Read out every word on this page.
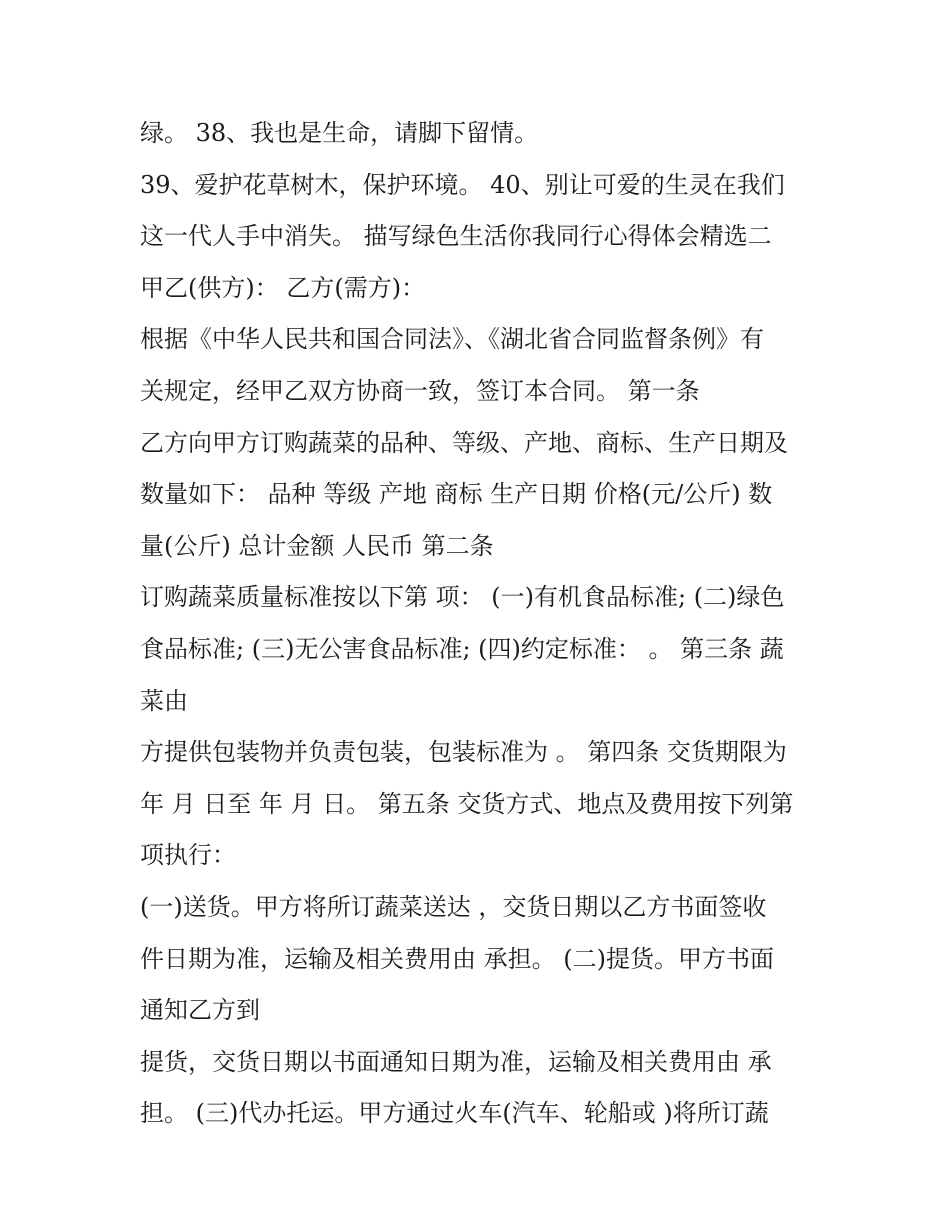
绿。 38、我也是生命，请脚下留情。
39、爱护花草树木，保护环境。 40、别让可爱的生灵在我们
这一代人手中消失。 描写绿色生活你我同行心得体会精选二
甲乙(供方)： 乙方(需方)：
根据《中华人民共和国合同法》、《湖北省合同监督条例》有
关规定，经甲乙双方协商一致，签订本合同。 第一条
乙方向甲方订购蔬菜的品种、等级、产地、商标、生产日期及
数量如下： 品种 等级 产地 商标 生产日期 价格(元/公斤) 数
量(公斤) 总计金额 人民币 第二条
订购蔬菜质量标准按以下第 项： (一)有机食品标准; (二)绿色
食品标准; (三)无公害食品标准; (四)约定标准： 。 第三条 蔬
菜由
方提供包装物并负责包装，包装标准为 。 第四条 交货期限为
年 月 日至 年 月 日。 第五条 交货方式、地点及费用按下列第
项执行：
(一)送货。甲方将所订蔬菜送达 ，交货日期以乙方书面签收
件日期为准，运输及相关费用由 承担。 (二)提货。甲方书面
通知乙方到
提货，交货日期以书面通知日期为准，运输及相关费用由 承
担。 (三)代办托运。甲方通过火车(汽车、轮船或 )将所订蔬
